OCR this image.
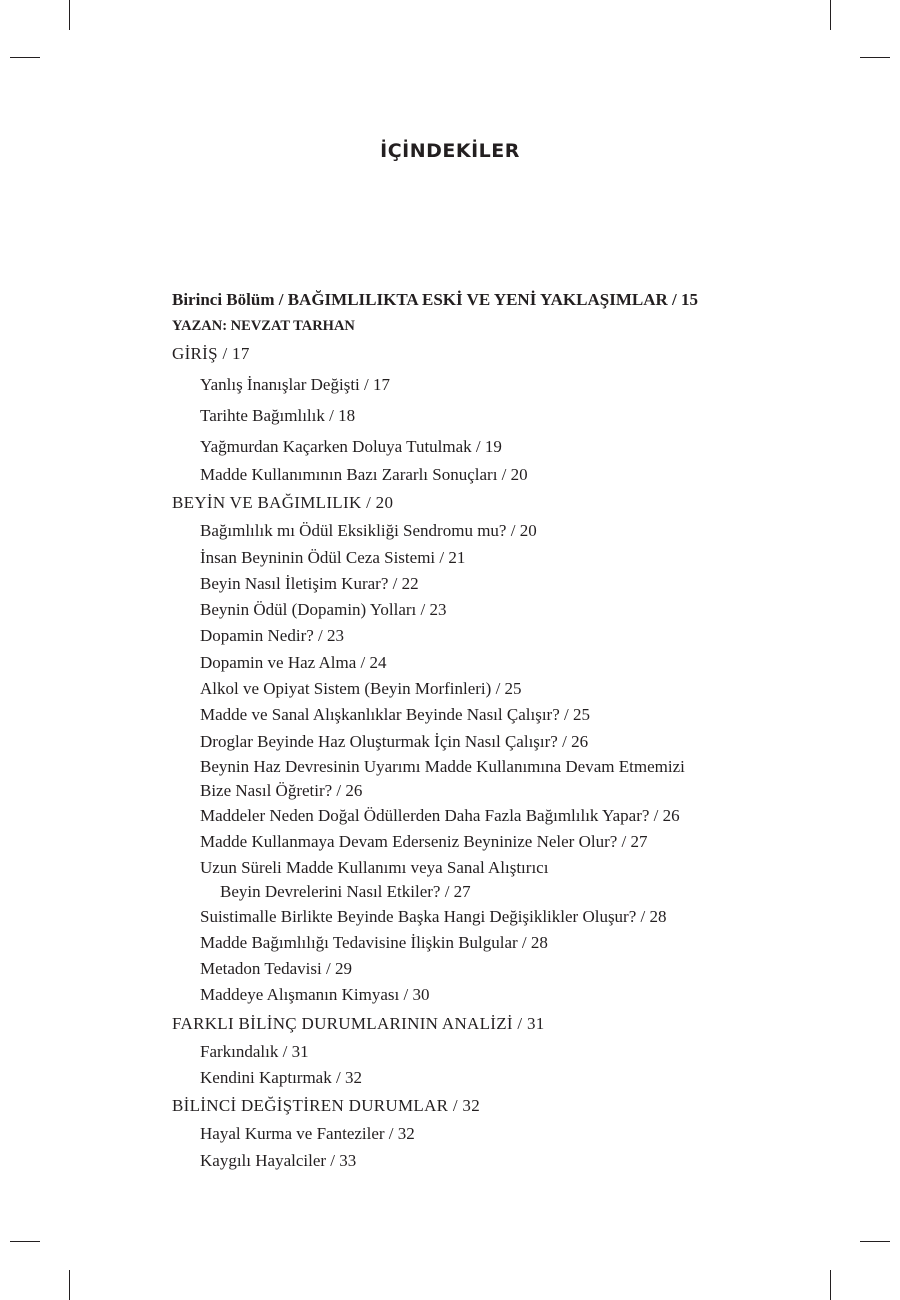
İÇİNDEKİLER
Birinci Bölüm / BAĞIMLILIKTA ESKİ VE YENİ YAKLAŞIMLAR / 15
YAZAN: NEVZAT TARHAN
GİRİŞ / 17
Yanlış İnanışlar Değişti / 17
Tarihte Bağımlılık / 18
Yağmurdan Kaçarken Doluya Tutulmak / 19
Madde Kullanımının Bazı Zararlı Sonuçları / 20
BEYİN VE BAĞIMLILIK / 20
Bağımlılık mı Ödül Eksikliği Sendromu mu? / 20
İnsan Beyninin Ödül Ceza Sistemi / 21
Beyin Nasıl İletişim Kurar? / 22
Beynin Ödül (Dopamin) Yolları / 23
Dopamin Nedir? / 23
Dopamin ve Haz Alma / 24
Alkol ve Opiyat Sistem (Beyin Morfinleri) / 25
Madde ve Sanal Alışkanlıklar Beyinde Nasıl Çalışır? / 25
Droglar Beyinde Haz Oluşturmak İçin Nasıl Çalışır? / 26
Beynin Haz Devresinin Uyarımı Madde Kullanımına Devam Etmemizi
Bize Nasıl Öğretir? / 26
Maddeler Neden Doğal Ödüllerden Daha Fazla Bağımlılık Yapar? / 26
Madde Kullanmaya Devam Ederseniz Beyninize Neler Olur? / 27
Uzun Süreli Madde Kullanımı veya Sanal Alıştırıcı
Beyin Devrelerini Nasıl Etkiler? / 27
Suistimalle Birlikte Beyinde Başka Hangi Değişiklikler Oluşur? / 28
Madde Bağımlılığı Tedavisine İlişkin Bulgular / 28
Metadon Tedavisi / 29
Maddeye Alışmanın Kimyası / 30
FARKLI BİLİNÇ DURUMLARININ ANALİZİ / 31
Farkındalık / 31
Kendini Kaptırmak / 32
BİLİNCİ DEĞİŞTİREN DURUMLAR / 32
Hayal Kurma ve Fanteziler / 32
Kaygılı Hayalciler / 33
